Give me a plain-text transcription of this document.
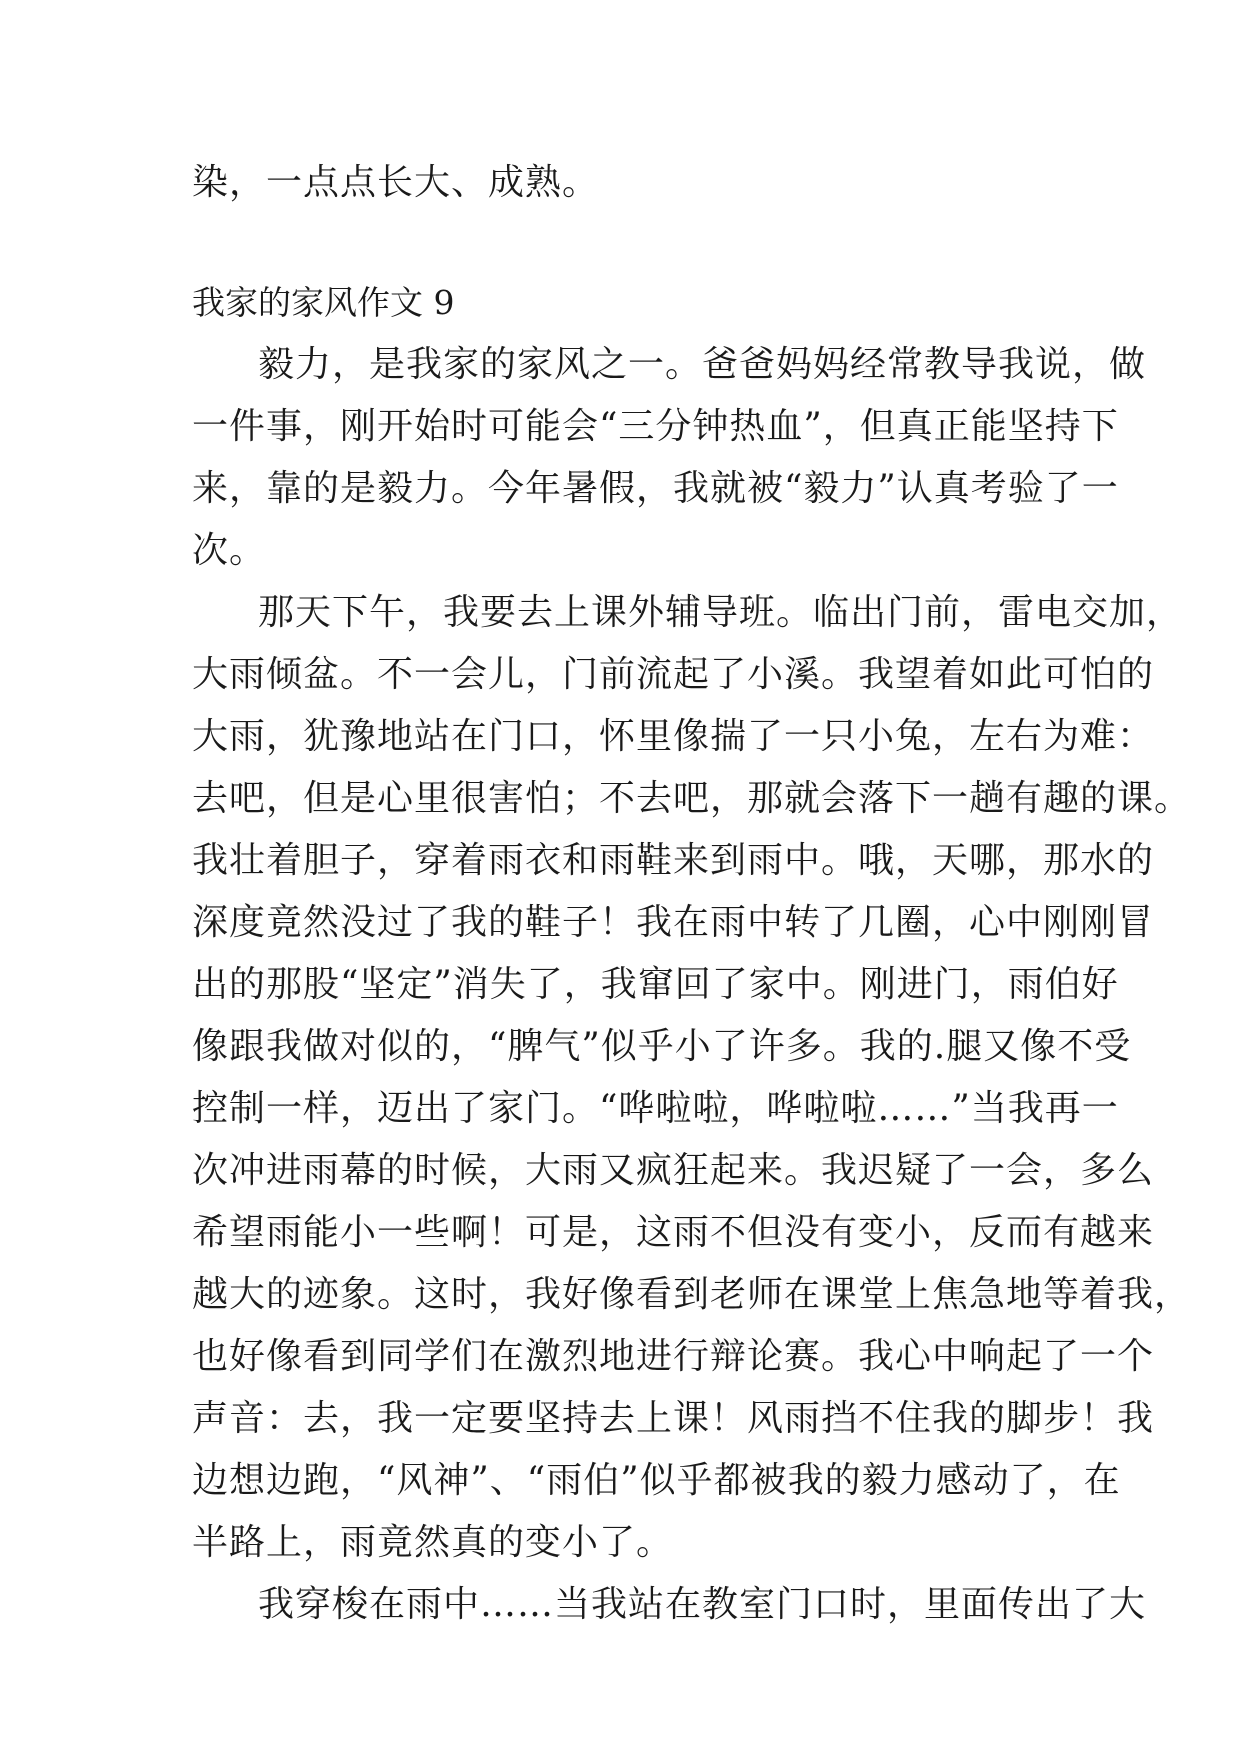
染，一点点长大、成熟。
我家的家风作文 9
毅力，是我家的家风之一。爸爸妈妈经常教导我说，做
一件事，刚开始时可能会“三分钟热血”，但真正能坚持下
来，靠的是毅力。今年暑假，我就被“毅力”认真考验了一
次。
那天下午，我要去上课外辅导班。临出门前，雷电交加，
大雨倾盆。不一会儿，门前流起了小溪。我望着如此可怕的
大雨，犹豫地站在门口，怀里像揣了一只小兔，左右为难：
去吧，但是心里很害怕；不去吧，那就会落下一趟有趣的课。
我壮着胆子，穿着雨衣和雨鞋来到雨中。哦，天哪，那水的
深度竟然没过了我的鞋子！我在雨中转了几圈，心中刚刚冒
出的那股“坚定”消失了，我窜回了家中。刚进门，雨伯好
像跟我做对似的，“脾气”似乎小了许多。我的.腿又像不受
控制一样，迈出了家门。“哗啦啦，哗啦啦……”当我再一
次冲进雨幕的时候，大雨又疯狂起来。我迟疑了一会，多么
希望雨能小一些啊！可是，这雨不但没有变小，反而有越来
越大的迹象。这时，我好像看到老师在课堂上焦急地等着我，
也好像看到同学们在激烈地进行辩论赛。我心中响起了一个
声音：去，我一定要坚持去上课！风雨挡不住我的脚步！我
边想边跑，“风神”、“雨伯”似乎都被我的毅力感动了，在
半路上，雨竟然真的变小了。
我穿梭在雨中……当我站在教室门口时，里面传出了大
